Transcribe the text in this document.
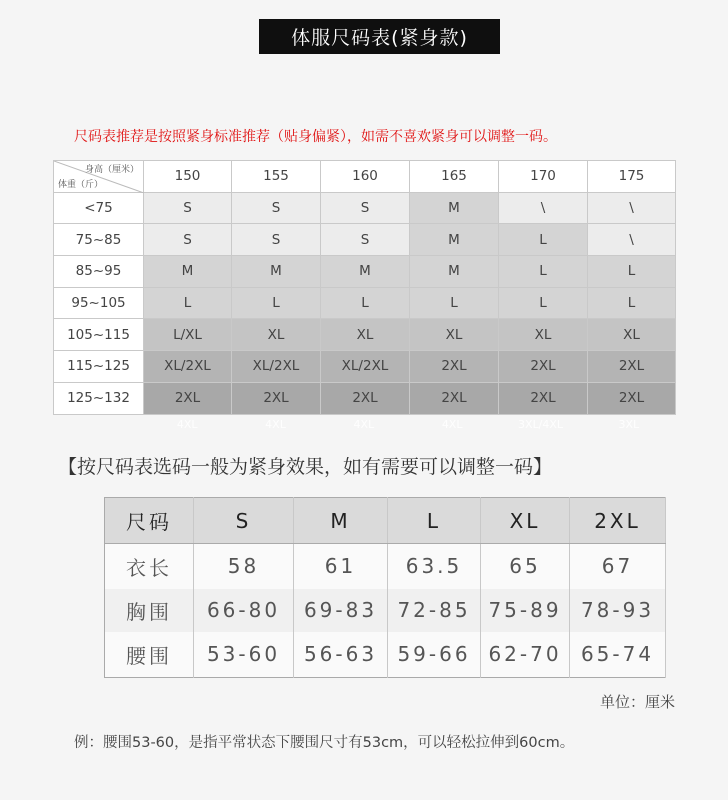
体服尺码表(紧身款)
尺码表推荐是按照紧身标准推荐（贴身偏紧），如需不喜欢紧身可以调整一码。
身高（厘米）
体重（斤）	150	155	160	165	170	175
<75	S	S	S	M	\	\
75~85	S	S	S	M	L	\
85~95	M	M	M	M	L	L
95~105	L	L	L	L	L	L
105~115	L/XL	XL	XL	XL	XL	XL
115~125	XL/2XL	XL/2XL	XL/2XL	2XL	2XL	2XL
125~132	2XL	2XL	2XL	2XL	2XL	2XL
4XL	4XL	4XL	4XL	3XL/4XL	3XL
【按尺码表选码一般为紧身效果，如有需要可以调整一码】
尺码	S	M	L	XL	2XL
衣长	58	61	63.5	65	67
胸围	66-80	69-83	72-85	75-89	78-93
腰围	53-60	56-63	59-66	62-70	65-74
单位：厘米
例：腰围53-60，是指平常状态下腰围尺寸有53cm，可以轻松拉伸到60cm。
